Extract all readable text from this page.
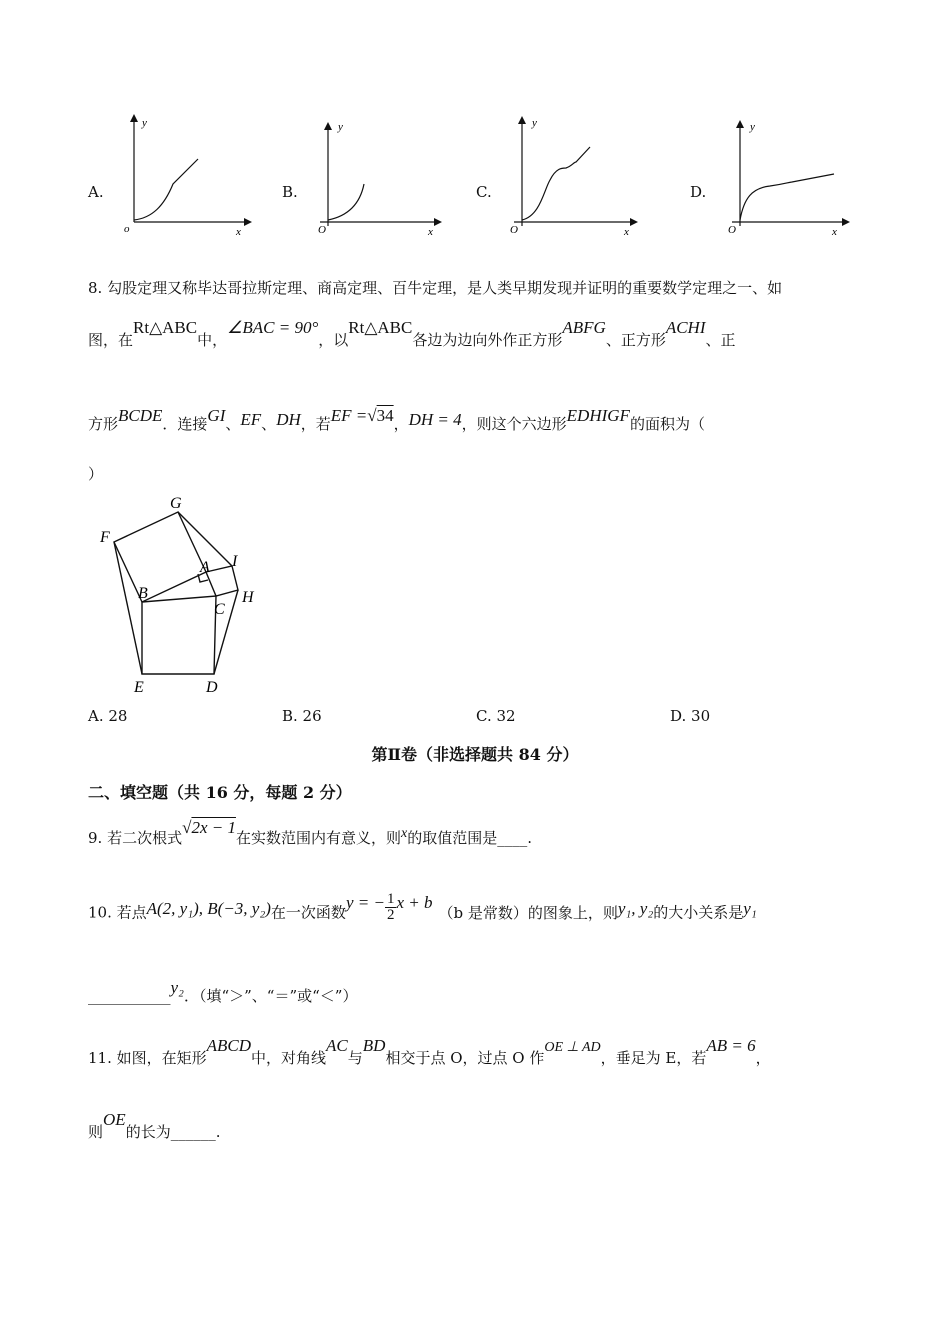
A.
y
x
o
B.
y
x
O
C.
y
x
O
D.
y
x
O
8. 勾股定理又称毕达哥拉斯定理、商高定理、百牛定理，是人类早期发现并证明的重要数学定理之一、如
图，在Rt△ABC中，∠BAC = 90°，以Rt△ABC各边为边向外作正方形ABFG、正方形ACHI、正
方形BCDE．连接GI、EF、DH，若EF =√34，DH = 4，则这个六边形EDHIGF的面积为（
）
G
F
I
A
B	H
C
E	D
A. 28	B. 26	C. 32	D. 30
第Ⅱ卷（非选择题共 84 分）
二、填空题（共 16 分，每题 2 分）
9. 若二次根式√2x − 1在实数范围内有意义，则x的取值范围是____.
10. 若点A(2, y₁), B(−3, y₂)在一次函数y = − $\frac{1}{2}$ x + b（b 是常数）的图象上，则y₁, y₂的大小关系是y₁
___________y₂．（填“＞”、“＝”或“＜”）
11. 如图，在矩形ABCD中，对角线AC与BD相交于点 O，过点 O 作OE ⊥ AD，垂足为 E，若AB = 6，
则OE的长为______.
